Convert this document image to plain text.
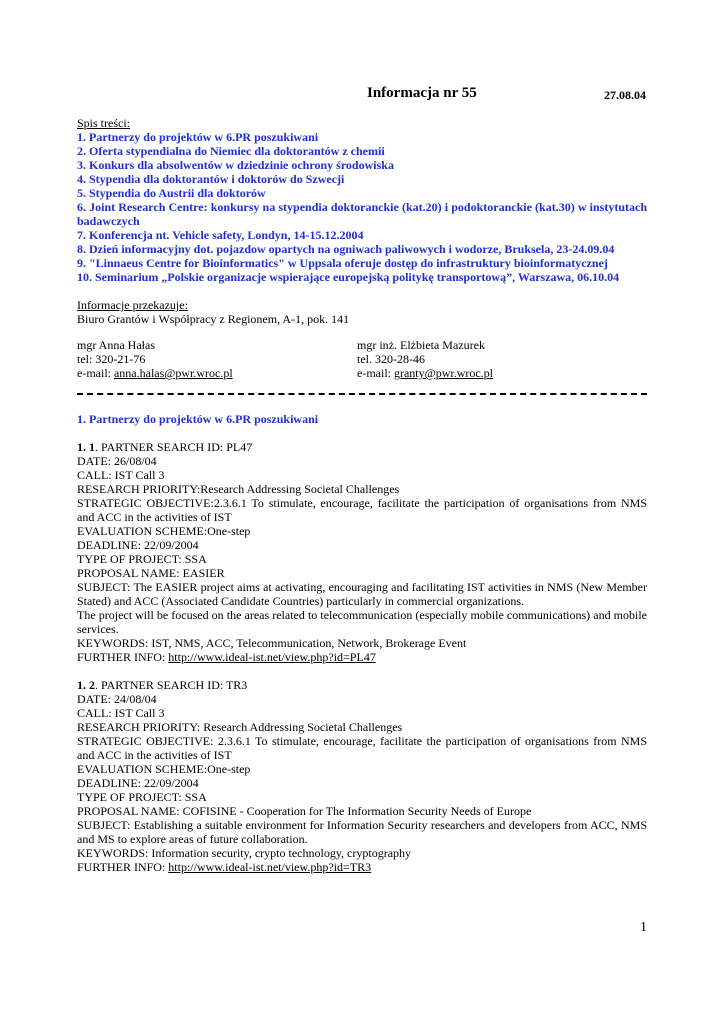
Informacja nr 55	27.08.04
Spis treści:
1. Partnerzy do projektów w 6.PR poszukiwani
2. Oferta stypendialna do Niemiec dla doktorantów z chemii
3. Konkurs dla absolwentów w dziedzinie ochrony środowiska
4. Stypendia dla doktorantów i doktorów do Szwecji
5. Stypendia do Austrii dla doktorów
6. Joint Research Centre: konkursy na stypendia doktoranckie (kat.20) i podoktoranckie (kat.30) w instytutach badawczych
7. Konferencja nt. Vehicle safety, Londyn, 14-15.12.2004
8. Dzień informacyjny dot. pojazdow opartych na ogniwach paliwowych i wodorze, Bruksela, 23-24.09.04
9. "Linnaeus Centre for Bioinformatics" w Uppsala oferuje dostęp do infrastruktury bioinformatycznej
10. Seminarium „Polskie organizacje wspierające europejską politykę transportową”, Warszawa, 06.10.04
Informacje przekazuje:
Biuro Grantów i Współpracy z Regionem, A-1, pok. 141
mgr Anna Hałas
tel: 320-21-76
e-mail: anna.halas@pwr.wroc.pl
mgr inż. Elżbieta Mazurek
tel. 320-28-46
e-mail: granty@pwr.wroc.pl
1. Partnerzy do projektów w 6.PR poszukiwani

1. 1. PARTNER SEARCH ID: PL47

DATE: 26/08/04

CALL: IST Call 3

RESEARCH PRIORITY:Research Addressing Societal Challenges

STRATEGIC OBJECTIVE:2.3.6.1 To stimulate, encourage, facilitate the participation of organisations from NMS and ACC in the activities of IST

EVALUATION SCHEME:One-step

DEADLINE: 22/09/2004

TYPE OF PROJECT: SSA

PROPOSAL NAME: EASIER

SUBJECT: The EASIER project aims at activating, encouraging and facilitating IST activities in NMS (New Member Stated) and ACC (Associated Candidate Countries) particularly in commercial organizations.

The project will be focused on the areas related to telecommunication (especially mobile communications) and mobile services.

KEYWORDS: IST, NMS, ACC, Telecommunication, Network, Brokerage Event

FURTHER INFO: http://www.ideal-ist.net/view.php?id=PL47

1. 2. PARTNER SEARCH ID: TR3

DATE: 24/08/04

CALL: IST Call 3

RESEARCH PRIORITY: Research Addressing Societal Challenges

STRATEGIC OBJECTIVE: 2.3.6.1 To stimulate, encourage, facilitate the participation of organisations from NMS and ACC in the activities of IST

EVALUATION SCHEME:One-step

DEADLINE: 22/09/2004

TYPE OF PROJECT: SSA

PROPOSAL NAME: COFISINE - Cooperation for The Information Security Needs of Europe

SUBJECT: Establishing a suitable environment for Information Security researchers and developers from ACC, NMS and MS to explore areas of future collaboration.

KEYWORDS: Information security, crypto technology, cryptography

FURTHER INFO: http://www.ideal-ist.net/view.php?id=TR3

1
